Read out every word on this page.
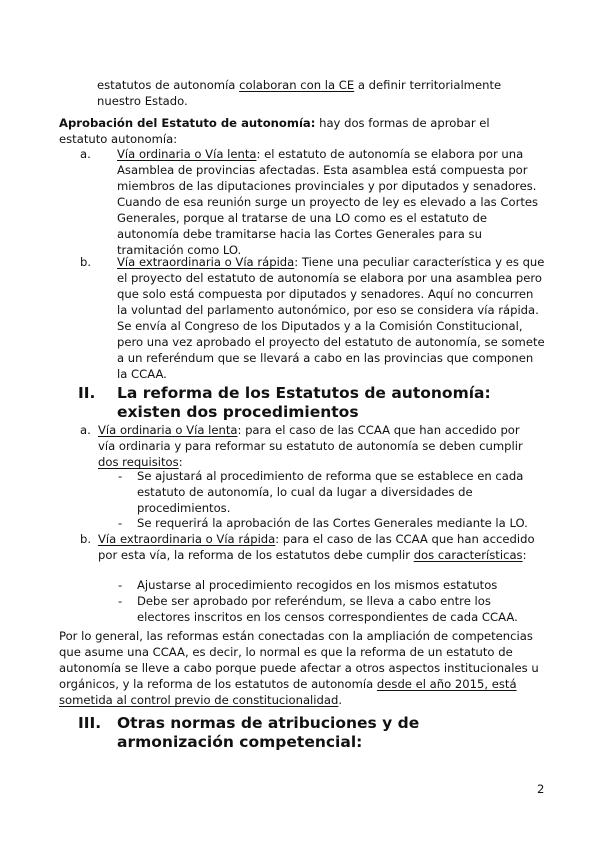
estatutos de autonomía colaboran con la CE a definir territorialmente nuestro Estado.

Aprobación del Estatuto de autonomía: hay dos formas de aprobar el estatuto autonomía:

a. Vía ordinaria o Vía lenta: el estatuto de autonomía se elabora por una Asamblea de provincias afectadas. Esta asamblea está compuesta por miembros de las diputaciones provinciales y por diputados y senadores. Cuando de esa reunión surge un proyecto de ley es elevado a las Cortes Generales, porque al tratarse de una LO como es el estatuto de autonomía debe tramitarse hacia las Cortes Generales para su tramitación como LO.

b. Vía extraordinaria o Vía rápida: Tiene una peculiar característica y es que el proyecto del estatuto de autonomía se elabora por una asamblea pero que solo está compuesta por diputados y senadores. Aquí no concurren la voluntad del parlamento autonómico, por eso se considera vía rápida. Se envía al Congreso de los Diputados y a la Comisión Constitucional, pero una vez aprobado el proyecto del estatuto de autonomía, se somete a un referéndum que se llevará a cabo en las provincias que componen la CCAA.

II. La reforma de los Estatutos de autonomía: existen dos procedimientos
a. Vía ordinaria o Vía lenta: para el caso de las CCAA que han accedido por vía ordinaria y para reformar su estatuto de autonomía se deben cumplir dos requisitos:

- Se ajustará al procedimiento de reforma que se establece en cada estatuto de autonomía, lo cual da lugar a diversidades de procedimientos.

- Se requerirá la aprobación de las Cortes Generales mediante la LO.

b. Vía extraordinaria o Vía rápida: para el caso de las CCAA que han accedido por esta vía, la reforma de los estatutos debe cumplir dos características:

- Ajustarse al procedimiento recogidos en los mismos estatutos

- Debe ser aprobado por referéndum, se lleva a cabo entre los electores inscritos en los censos correspondientes de cada CCAA.

Por lo general, las reformas están conectadas con la ampliación de competencias que asume una CCAA, es decir, lo normal es que la reforma de un estatuto de autonomía se lleve a cabo porque puede afectar a otros aspectos institucionales u orgánicos, y la reforma de los estatutos de autonomía desde el año 2015, está sometida al control previo de constitucionalidad.

III. Otras normas de atribuciones y de armonización competencial:
2
